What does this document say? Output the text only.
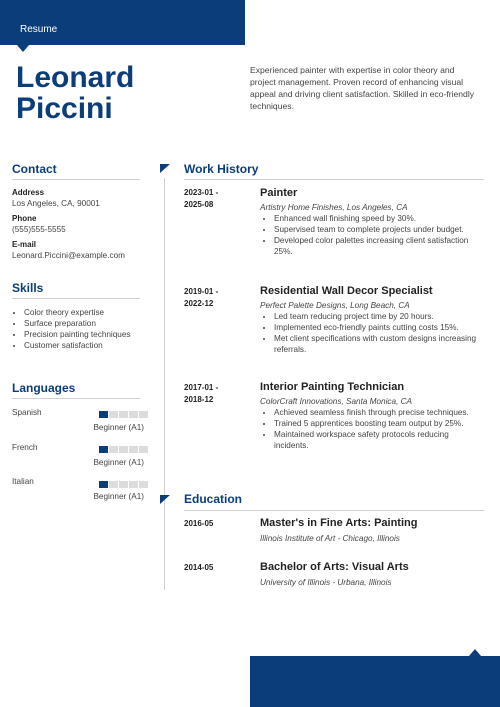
Resume
Leonard
Piccini

Experienced painter with expertise in color theory and project management. Proven record of enhancing visual appeal and driving client satisfaction. Skilled in eco-friendly techniques.

Contact
Address
Los Angeles, CA, 90001
Phone
(555)555-5555
E-mail
Leonard.Piccini@example.com
Skills
• Color theory expertise
• Surface preparation
• Precision painting techniques
• Customer satisfaction
Languages
Spanish
Beginner (A1)
French
Beginner (A1)
Italian
Beginner (A1)
Work History
2023-01 -
2025-08
Painter
Artistry Home Finishes, Los Angeles, CA
• Enhanced wall finishing speed by 30%.
• Supervised team to complete projects under budget.
• Developed color palettes increasing client satisfaction 25%.
2019-01 -
2022-12
Residential Wall Decor Specialist
Perfect Palette Designs, Long Beach, CA
• Led team reducing project time by 20 hours.
• Implemented eco-friendly paints cutting costs 15%.
• Met client specifications with custom designs increasing referrals.
2017-01 -
2018-12
Interior Painting Technician
ColorCraft Innovations, Santa Monica, CA
• Achieved seamless finish through precise techniques.
• Trained 5 apprentices boosting team output by 25%.
• Maintained workspace safety protocols reducing incidents.
Education
2016-05	Master's in Fine Arts: Painting
Illinois Institute of Art - Chicago, Illinois
2014-05	Bachelor of Arts: Visual Arts
University of Illinois - Urbana, Illinois
